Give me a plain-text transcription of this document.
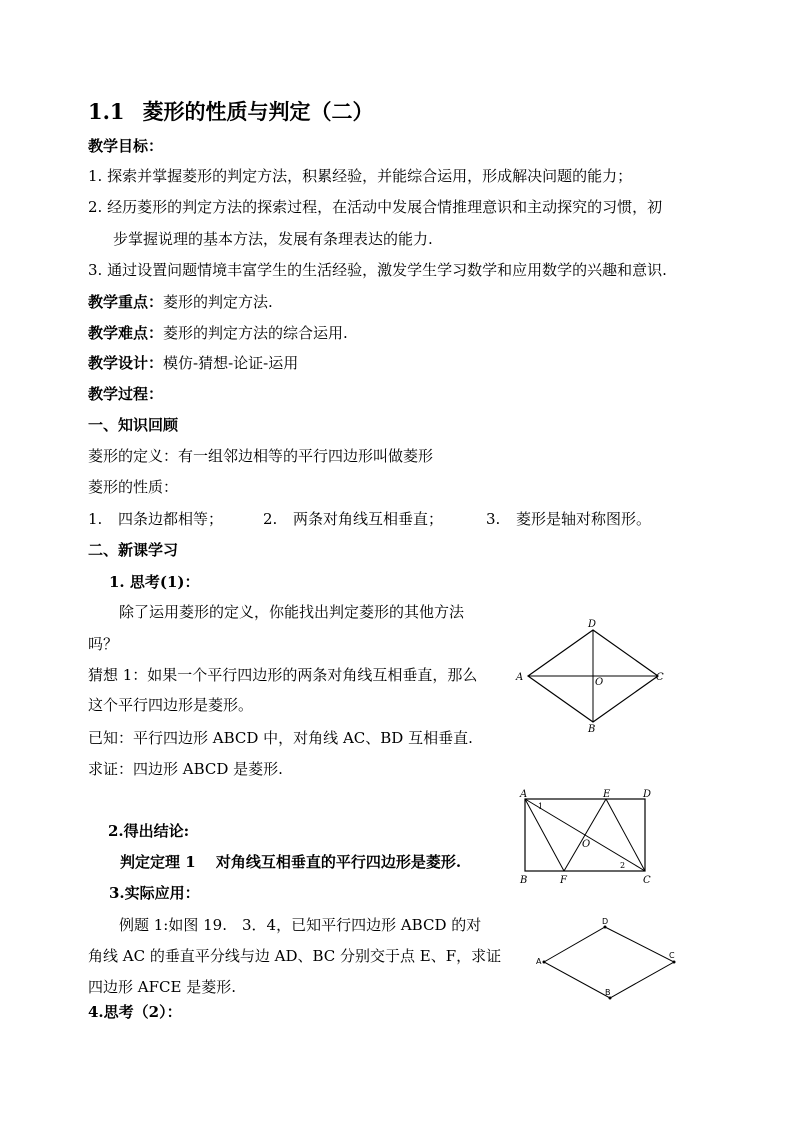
1.1 菱形的性质与判定（二）
教学目标：
1. 探索并掌握菱形的判定方法，积累经验，并能综合运用，形成解决问题的能力；
2. 经历菱形的判定方法的探索过程，在活动中发展合情推理意识和主动探究的习惯，初
步掌握说理的基本方法，发展有条理表达的能力.
3. 通过设置问题情境丰富学生的生活经验，激发学生学习数学和应用数学的兴趣和意识.
教学重点：菱形的判定方法.
教学难点：菱形的判定方法的综合运用.
教学设计：模仿-猜想-论证-运用
教学过程：
一、知识回顾
菱形的定义：有一组邻边相等的平行四边形叫做菱形
菱形的性质：
1. 四条边都相等；	2. 两条对角线互相垂直；	3. 菱形是轴对称图形。
二、新课学习
1. 思考(1)：
除了运用菱形的定义，你能找出判定菱形的其他方法
吗？
猜想 1：如果一个平行四边形的两条对角线互相垂直，那么
这个平行四边形是菱形。
已知：平行四边形 ABCD 中，对角线 AC、BD 互相垂直.
求证：四边形 ABCD 是菱形.
2.得出结论:
判定定理 1　 对角线互相垂直的平行四边形是菱形.
3.实际应用：
例题 1:如图 19.　3．4，已知平行四边形 ABCD 的对
角线 AC 的垂直平分线与边 AD、BC 分别交于点 E、F，求证
四边形 AFCE 是菱形.
4.思考（2）：
D
A	C
O
B
A	E	D
1
O
2
B	F	C
D
A
C
B
